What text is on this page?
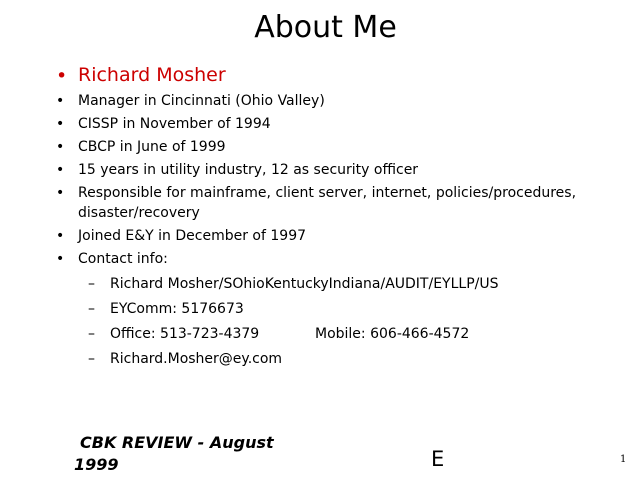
About Me
• Richard Mosher
• Manager in Cincinnati (Ohio Valley)
• CISSP in November of 1994
• CBCP in June of 1999
• 15 years in utility industry, 12 as security officer
• Responsible for mainframe, client server, internet, policies/procedures, disaster/recovery
• Joined E&Y in December of 1997
• Contact info:
– Richard Mosher/SOhioKentuckyIndiana/AUDIT/EYLLP/US
– EYComm: 5176673
– Office: 513-723-4379	Mobile: 606-466-4572
– Richard.Mosher@ey.com
CBK REVIEW - August
1999	E	1
